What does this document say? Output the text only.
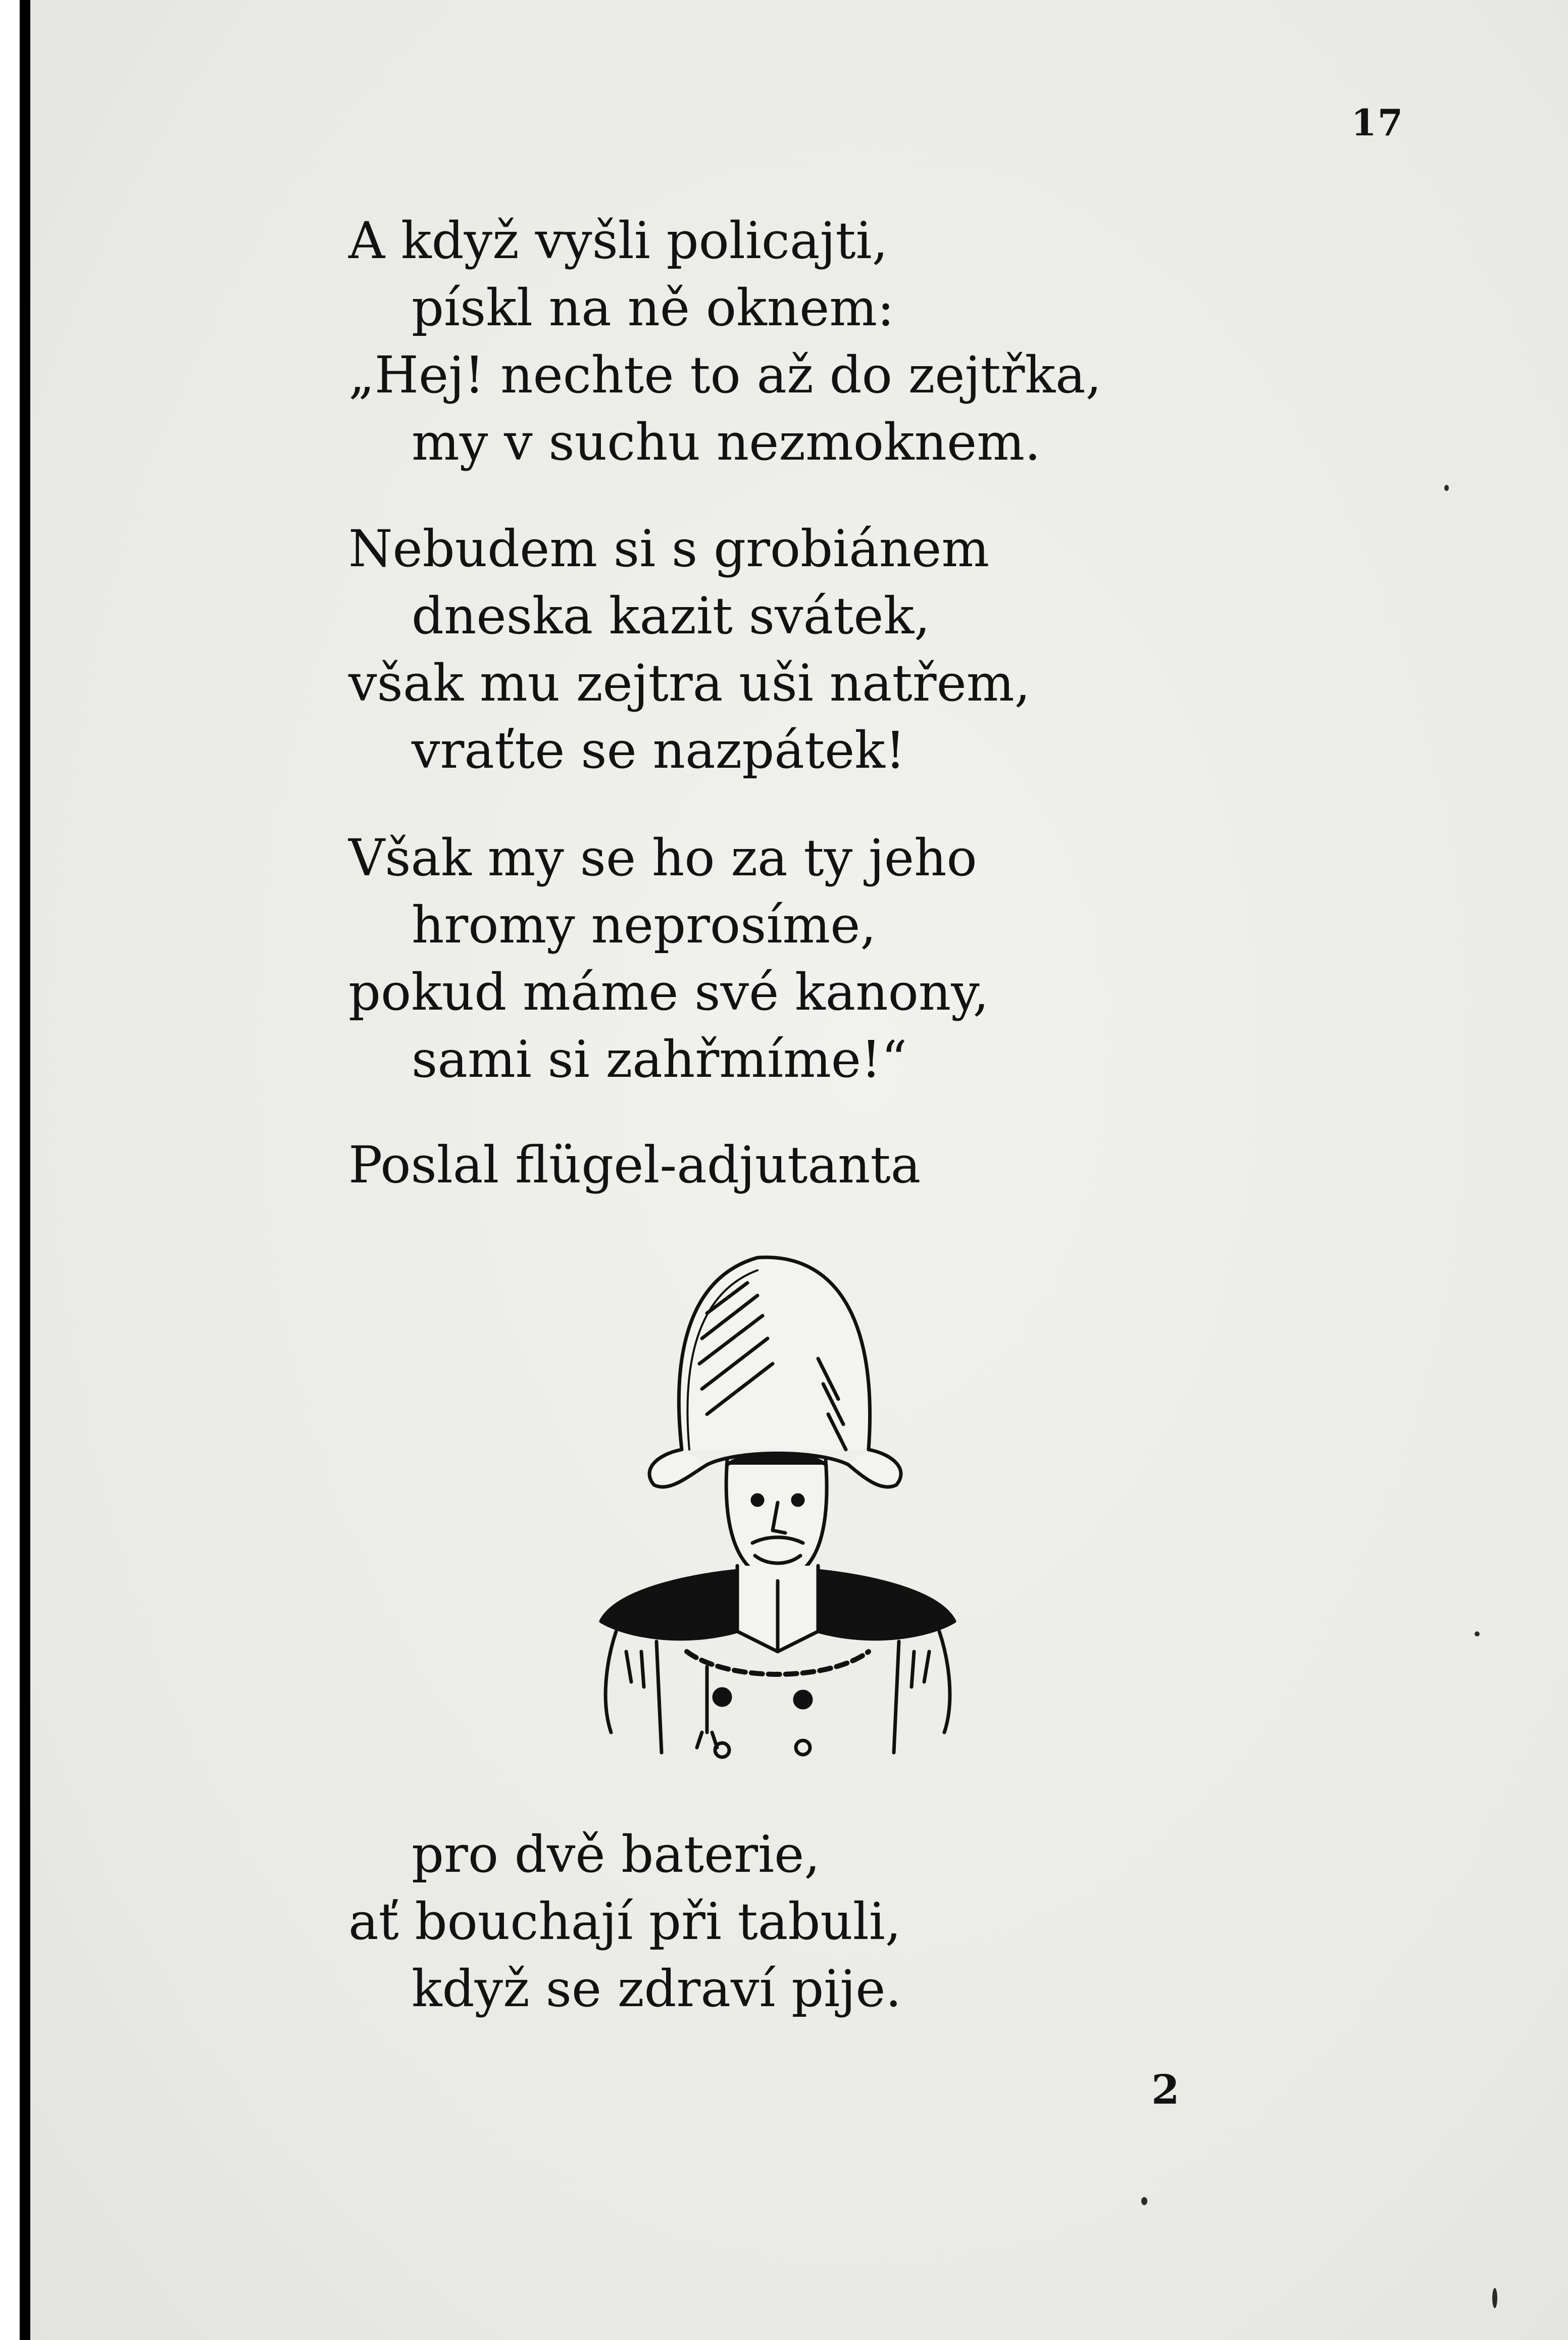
17
A když vyšli policajti,
pískl na ně oknem:
„Hej! nechte to až do zejtřka,
my v suchu nezmoknem.
Nebudem si s grobiánem
dneska kazit svátek,
však mu zejtra uši natřem,
vraťte se nazpátek!
Však my se ho za ty jeho
hromy neprosíme,
pokud máme své kanony,
sami si zahřmíme!“
Poslal flügel-adjutanta
pro dvě baterie,
ať bouchají při tabuli,
když se zdraví pije.
2
